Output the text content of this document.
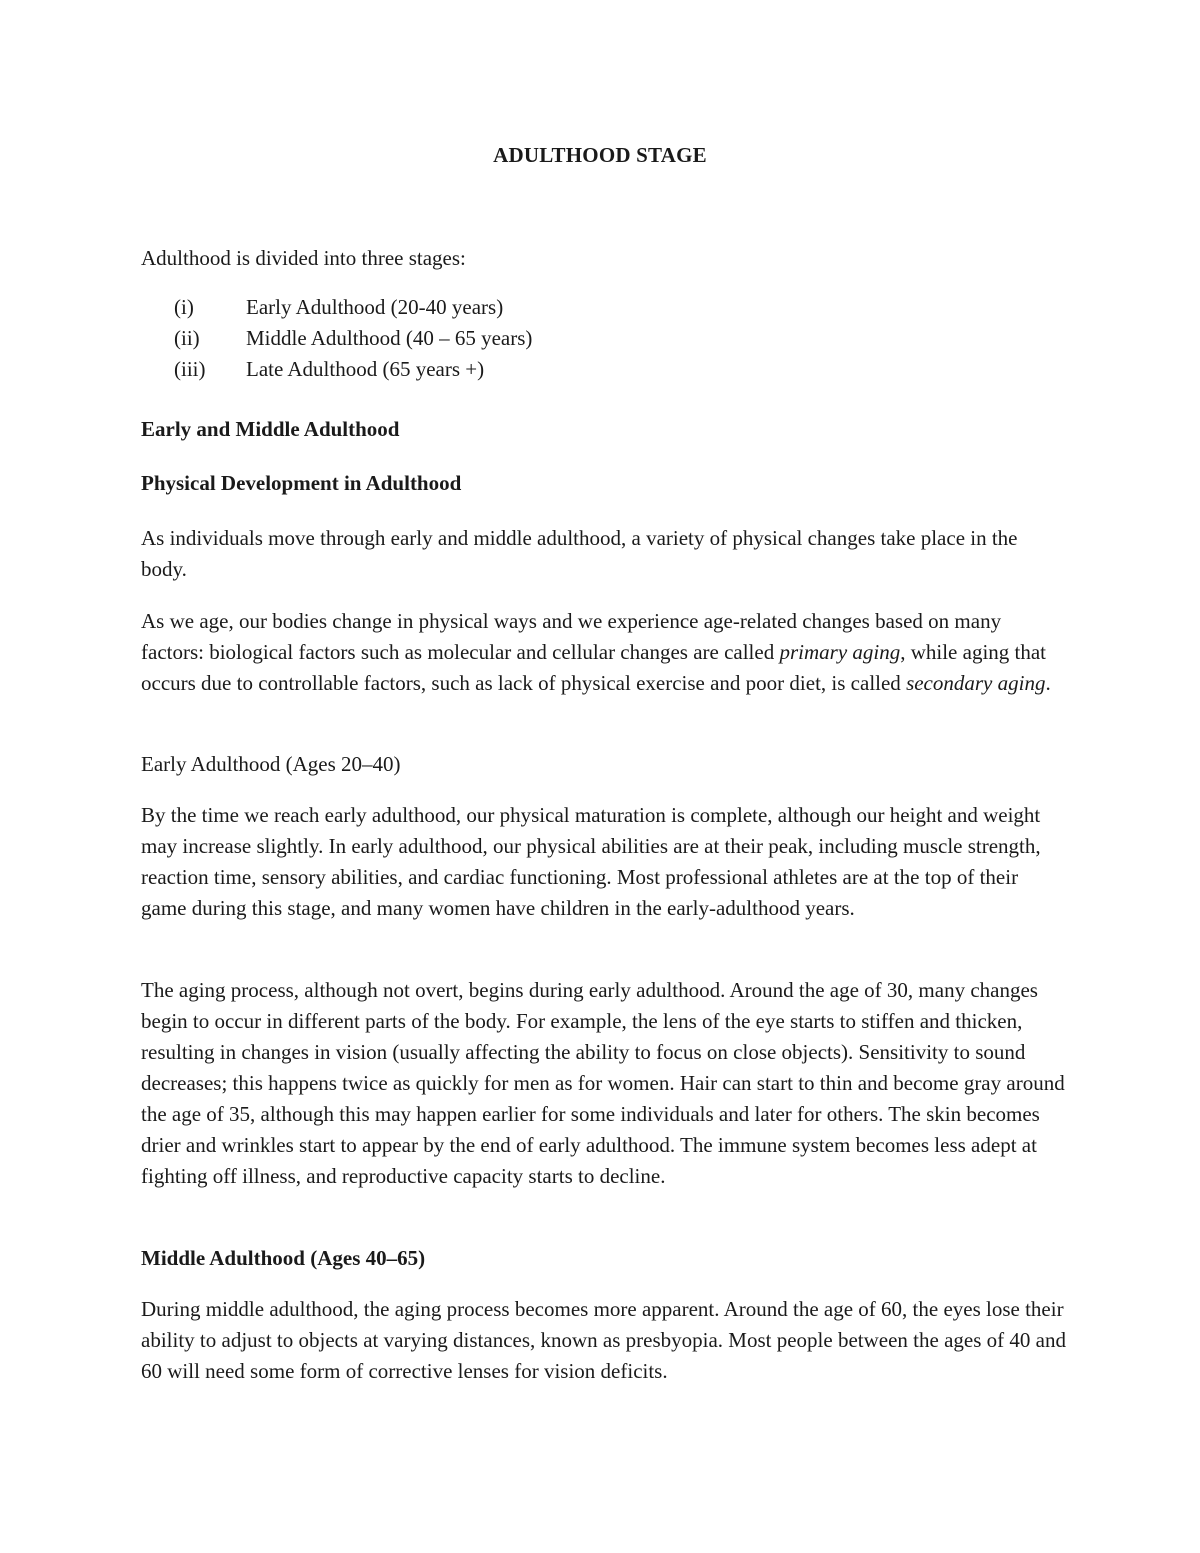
ADULTHOOD STAGE

Adulthood is divided into three stages:

(i) Early Adulthood (20-40 years)
(ii) Middle Adulthood (40 – 65 years)
(iii) Late Adulthood (65 years +)

Early and Middle Adulthood

Physical Development in Adulthood

As individuals move through early and middle adulthood, a variety of physical changes take place in the body.

As we age, our bodies change in physical ways and we experience age-related changes based on many factors: biological factors such as molecular and cellular changes are called primary aging, while aging that occurs due to controllable factors, such as lack of physical exercise and poor diet, is called secondary aging.

Early Adulthood (Ages 20–40)

By the time we reach early adulthood, our physical maturation is complete, although our height and weight may increase slightly. In early adulthood, our physical abilities are at their peak, including muscle strength, reaction time, sensory abilities, and cardiac functioning. Most professional athletes are at the top of their game during this stage, and many women have children in the early-adulthood years.

The aging process, although not overt, begins during early adulthood. Around the age of 30, many changes begin to occur in different parts of the body. For example, the lens of the eye starts to stiffen and thicken, resulting in changes in vision (usually affecting the ability to focus on close objects). Sensitivity to sound decreases; this happens twice as quickly for men as for women. Hair can start to thin and become gray around the age of 35, although this may happen earlier for some individuals and later for others. The skin becomes drier and wrinkles start to appear by the end of early adulthood. The immune system becomes less adept at fighting off illness, and reproductive capacity starts to decline.

Middle Adulthood (Ages 40–65)

During middle adulthood, the aging process becomes more apparent. Around the age of 60, the eyes lose their ability to adjust to objects at varying distances, known as presbyopia. Most people between the ages of 40 and 60 will need some form of corrective lenses for vision deficits.
